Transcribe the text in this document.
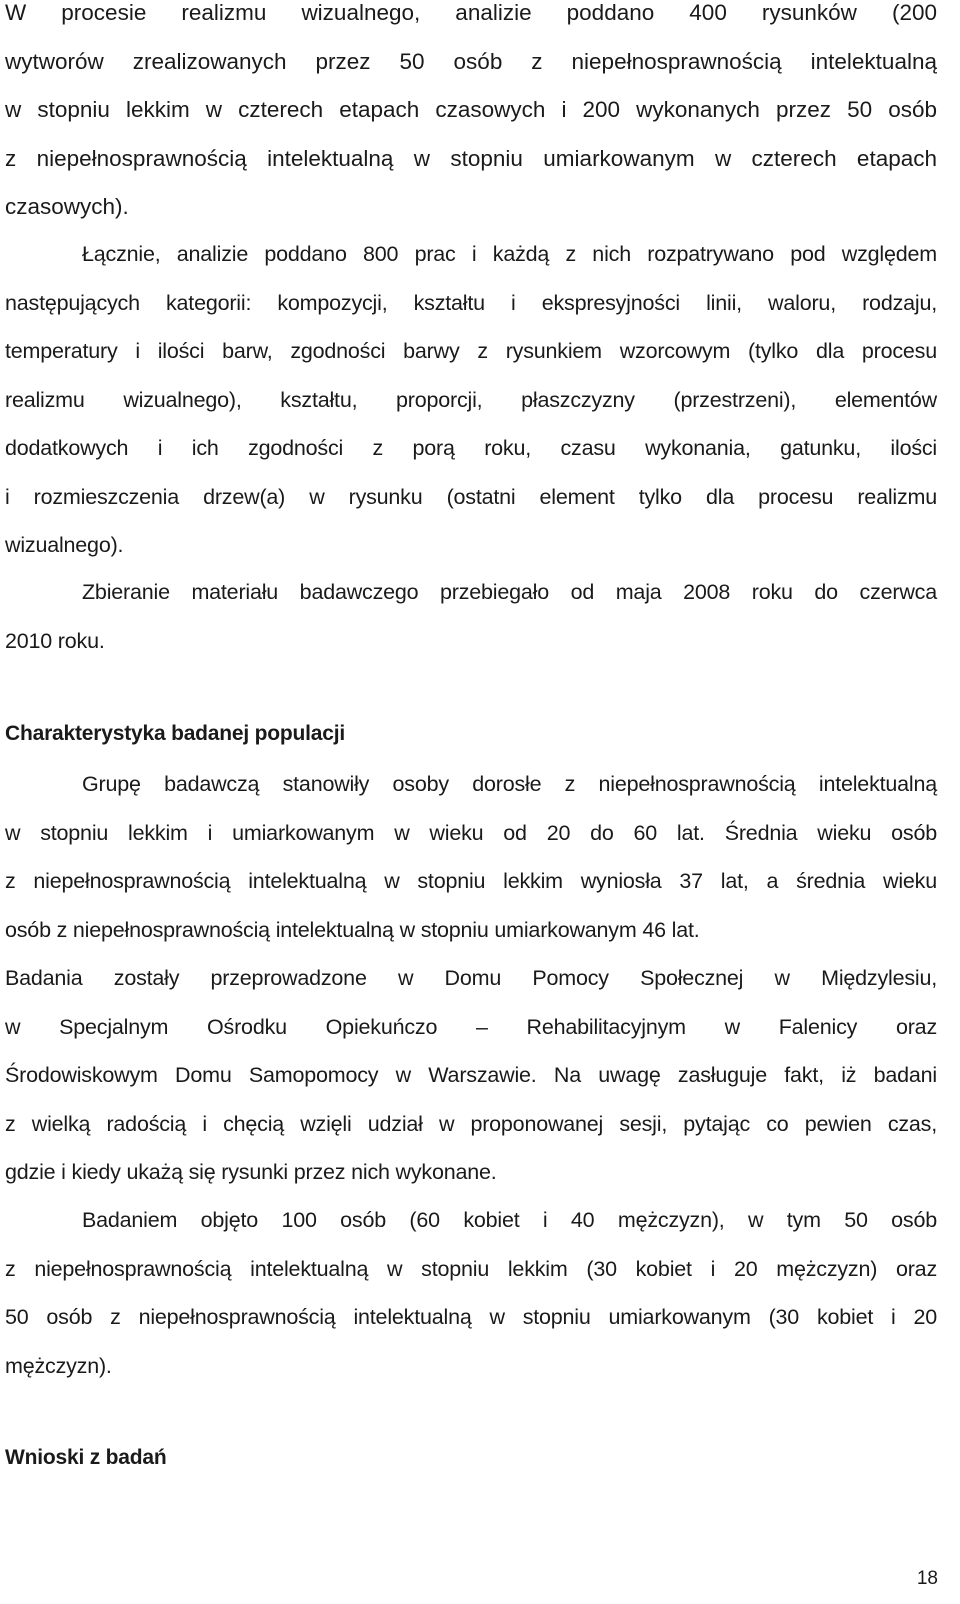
W procesie realizmu wizualnego, analizie poddano 400 rysunków (200
wytworów zrealizowanych przez 50 osób z niepełnosprawnością intelektualną
w stopniu lekkim w czterech etapach czasowych i 200 wykonanych przez 50 osób
z niepełnosprawnością intelektualną w stopniu umiarkowanym w czterech etapach
czasowych).
Łącznie, analizie poddano 800 prac i każdą z nich rozpatrywano pod względem
następujących kategorii: kompozycji, kształtu i ekspresyjności linii, waloru, rodzaju,
temperatury i ilości barw, zgodności barwy z rysunkiem wzorcowym (tylko dla procesu
realizmu wizualnego), kształtu, proporcji, płaszczyzny (przestrzeni), elementów
dodatkowych i ich zgodności z porą roku, czasu wykonania, gatunku, ilości
i rozmieszczenia drzew(a) w rysunku (ostatni element tylko dla procesu realizmu
wizualnego).
Zbieranie materiału badawczego przebiegało od maja 2008 roku do czerwca
2010 roku.
Charakterystyka badanej populacji
Grupę badawczą stanowiły osoby dorosłe z niepełnosprawnością intelektualną
w stopniu lekkim i umiarkowanym w wieku od 20 do 60 lat. Średnia wieku osób
z niepełnosprawnością intelektualną w stopniu lekkim wyniosła 37 lat, a średnia wieku
osób z niepełnosprawnością intelektualną w stopniu umiarkowanym 46 lat.
Badania zostały przeprowadzone w Domu Pomocy Społecznej w Międzylesiu,
w Specjalnym Ośrodku Opiekuńczo – Rehabilitacyjnym w Falenicy oraz
Środowiskowym Domu Samopomocy w Warszawie. Na uwagę zasługuje fakt, iż badani
z wielką radością i chęcią wzięli udział w proponowanej sesji, pytając co pewien czas,
gdzie i kiedy ukażą się rysunki przez nich wykonane.
Badaniem objęto 100 osób (60 kobiet i 40 mężczyzn), w tym 50 osób
z niepełnosprawnością intelektualną w stopniu lekkim (30 kobiet i 20 mężczyzn) oraz
50 osób z niepełnosprawnością intelektualną w stopniu umiarkowanym (30 kobiet i 20
mężczyzn).
Wnioski z badań
18
